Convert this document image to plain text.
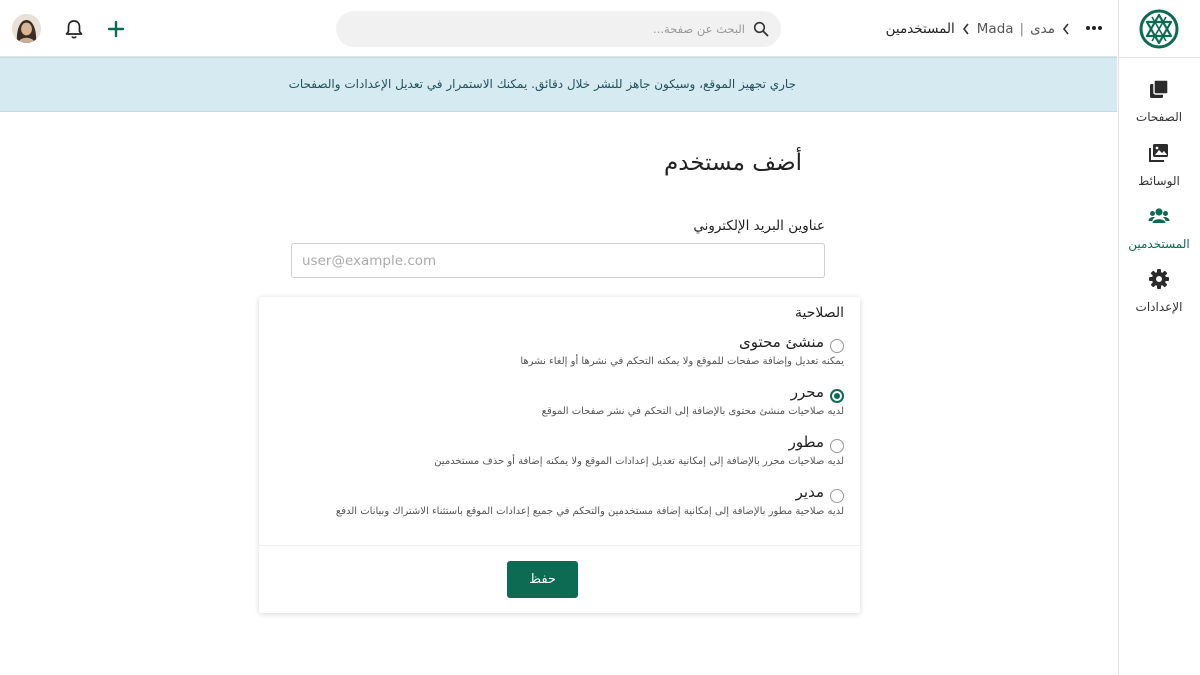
الصفحات
الوسائط
المستخدمين
الإعدادات
مدى
|
Mada
المستخدمين
البحث عن صفحة...

جاري تجهيز الموقع، وسيكون جاهز للنشر خلال دقائق. يمكنك الاستمرار في تعديل الإعدادات والصفحات

أضف مستخدم
عناوين البريد الإلكتروني
user@example.com
الصلاحية
منشئ محتوى
يمكنه تعديل وإضافة صفحات للموقع ولا يمكنه التحكم في نشرها أو إلغاء نشرها
محرر
لديه صلاحيات منشئ محتوى بالإضافة إلى التحكم في نشر صفحات الموقع
مطور
لديه صلاحيات محرر بالإضافة إلى إمكانية تعديل إعدادات الموقع ولا يمكنه إضافة أو حذف مستخدمين
مدير
لديه صلاحية مطور بالإضافة إلى إمكانية إضافة مستخدمين والتحكم في جميع إعدادات الموقع باستثناء الاشتراك وبيانات الدفع
حفظ
